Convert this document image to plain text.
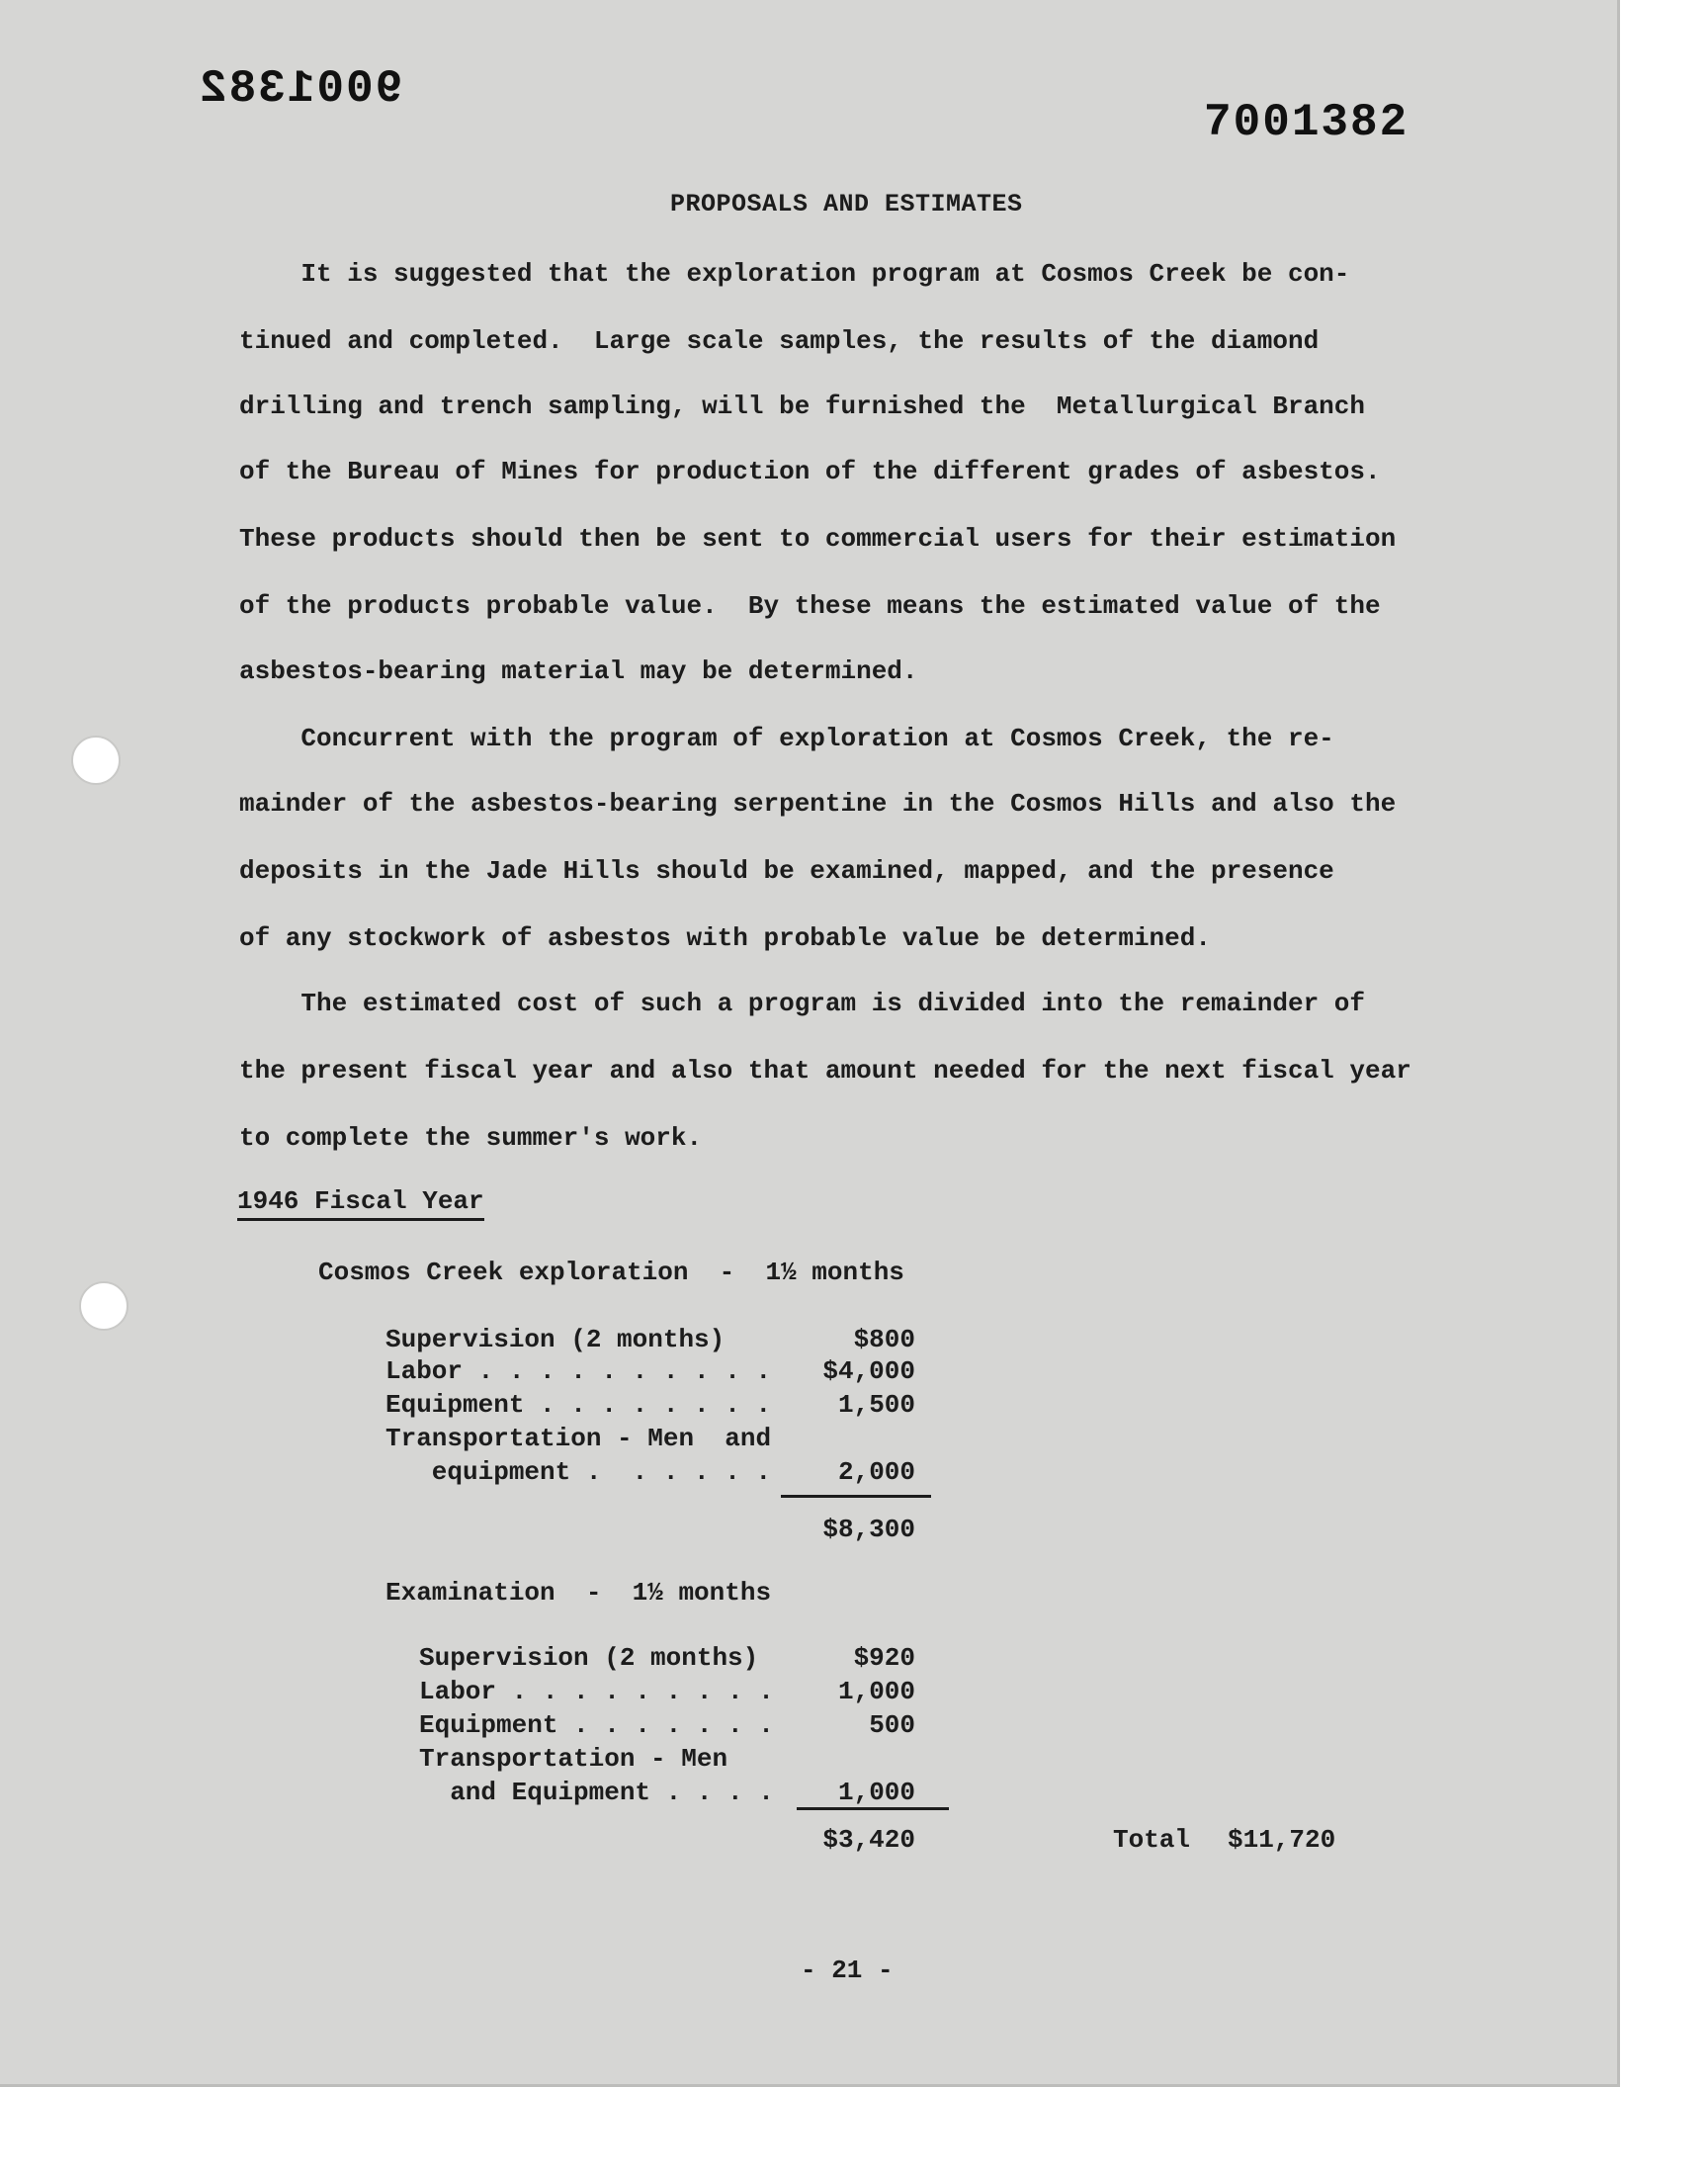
9001382
7001382
PROPOSALS AND ESTIMATES
It is suggested that the exploration program at Cosmos Creek be con-
tinued and completed.  Large scale samples, the results of the diamond
drilling and trench sampling, will be furnished the  Metallurgical Branch
of the Bureau of Mines for production of the different grades of asbestos.
These products should then be sent to commercial users for their estimation
of the products probable value.  By these means the estimated value of the
asbestos-bearing material may be determined.
Concurrent with the program of exploration at Cosmos Creek, the re-
mainder of the asbestos-bearing serpentine in the Cosmos Hills and also the
deposits in the Jade Hills should be examined, mapped, and the presence
of any stockwork of asbestos with probable value be determined.
The estimated cost of such a program is divided into the remainder of
the present fiscal year and also that amount needed for the next fiscal year
to complete the summer's work.
1946 Fiscal Year
Cosmos Creek exploration  -  1½ months
Supervision (2 months)	$800
Labor . . . . . . . . . .	$4,000
Equipment . . . . . . . .	1,500
Transportation - Men  and
equipment .  . . . . .	2,000
$8,300
Examination  -  1½ months
Supervision (2 months)	$920
Labor . . . . . . . . .	1,000
Equipment . . . . . . .	500
Transportation - Men
and Equipment . . . .	1,000
$3,420	Total $11,720
- 21 -
